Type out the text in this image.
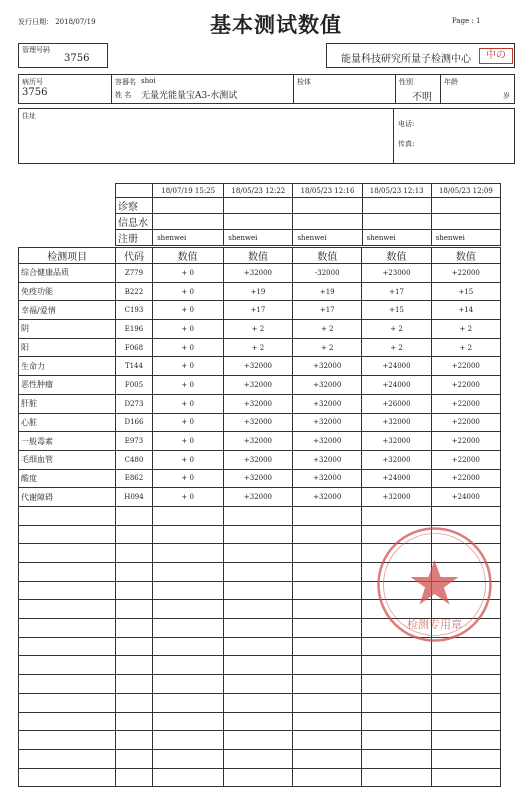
发行日期： 2018/07/19	基本测试数值	Page : 1
管理号码
3756	能量科技研究所量子检测中心	中の
病历号
3756
容器名 shoi
姓 名 无量光能量宝A3-水测试
检体	性别
不明
年龄
岁
住址
电话:
传真:
	18/07/19 15:25	18/05/23 12:22	18/05/23 12:16	18/05/23 12:13	18/05/23 12:09
诊察					
信息水					
注册	shenwei	shenwei	shenwei	shenwei	shenwei
检测项目	代码	数值	数值	数值	数值	数值
综合健康品质	Z779	+ 0	+32000	-32000	+23000	+22000
免疫功能	B222	+ 0	+19	+19	+17	+15
幸福/爱情	C193	+ 0	+17	+17	+15	+14
阴	E196	+ 0	+ 2	+ 2	+ 2	+ 2
阳	F068	+ 0	+ 2	+ 2	+ 2	+ 2
生命力	T144	+ 0	+32000	+32000	+24000	+22000
恶性肿瘤	F005	+ 0	+32000	+32000	+24000	+22000
肝脏	D273	+ 0	+32000	+32000	+26000	+22000
心脏	D166	+ 0	+32000	+32000	+32000	+22000
一般毒素	E973	+ 0	+32000	+32000	+32000	+22000
毛细血管	C480	+ 0	+32000	+32000	+32000	+22000
酸度	E862	+ 0	+32000	+32000	+24000	+22000
代谢障碍	H094	+ 0	+32000	+32000	+32000	+24000

检测专用章
